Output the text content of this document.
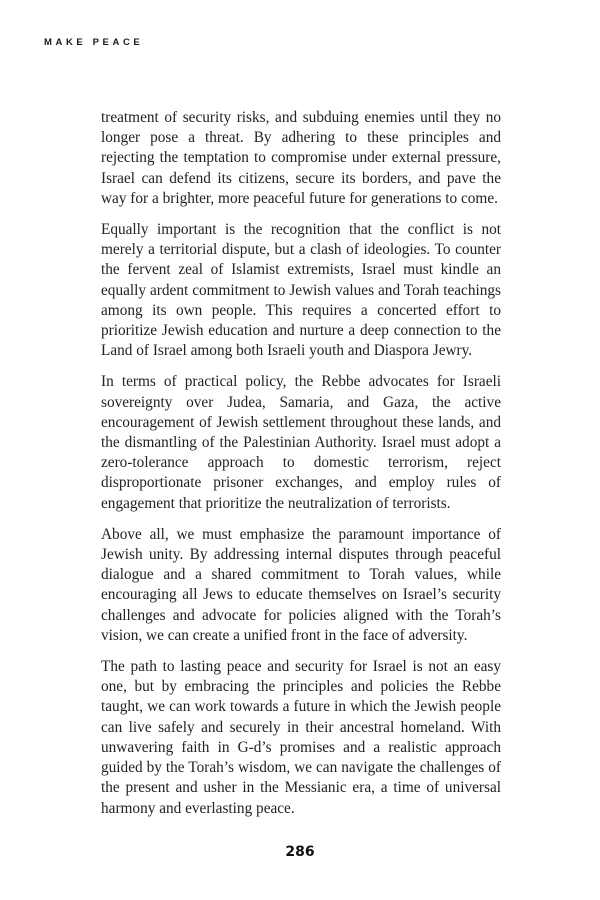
MAKE PEACE

treatment of security risks, and subduing enemies until they no longer pose a threat. By adhering to these principles and rejecting the temptation to compromise under external pressure, Israel can defend its citizens, secure its borders, and pave the way for a brighter, more peaceful future for generations to come.

Equally important is the recognition that the conflict is not merely a territorial dispute, but a clash of ideologies. To counter the fervent zeal of Islamist extremists, Israel must kindle an equally ardent commitment to Jewish values and Torah teachings among its own people. This requires a concerted effort to prioritize Jewish education and nurture a deep connection to the Land of Israel among both Israeli youth and Diaspora Jewry.

In terms of practical policy, the Rebbe advocates for Israeli sovereignty over Judea, Samaria, and Gaza, the active encouragement of Jewish settlement throughout these lands, and the dismantling of the Palestinian Authority. Israel must adopt a zero-tolerance approach to domestic terrorism, reject disproportionate prisoner exchanges, and employ rules of engagement that prioritize the neutralization of terrorists.

Above all, we must emphasize the paramount importance of Jewish unity. By addressing internal disputes through peaceful dialogue and a shared commitment to Torah values, while encouraging all Jews to educate themselves on Israel’s security challenges and advocate for policies aligned with the Torah’s vision, we can create a unified front in the face of adversity.

The path to lasting peace and security for Israel is not an easy one, but by embracing the principles and policies the Rebbe taught, we can work towards a future in which the Jewish people can live safely and securely in their ancestral homeland. With unwavering faith in G-d’s promises and a realistic approach guided by the Torah’s wisdom, we can navigate the challenges of the present and usher in the Messianic era, a time of universal harmony and everlasting peace.

286
